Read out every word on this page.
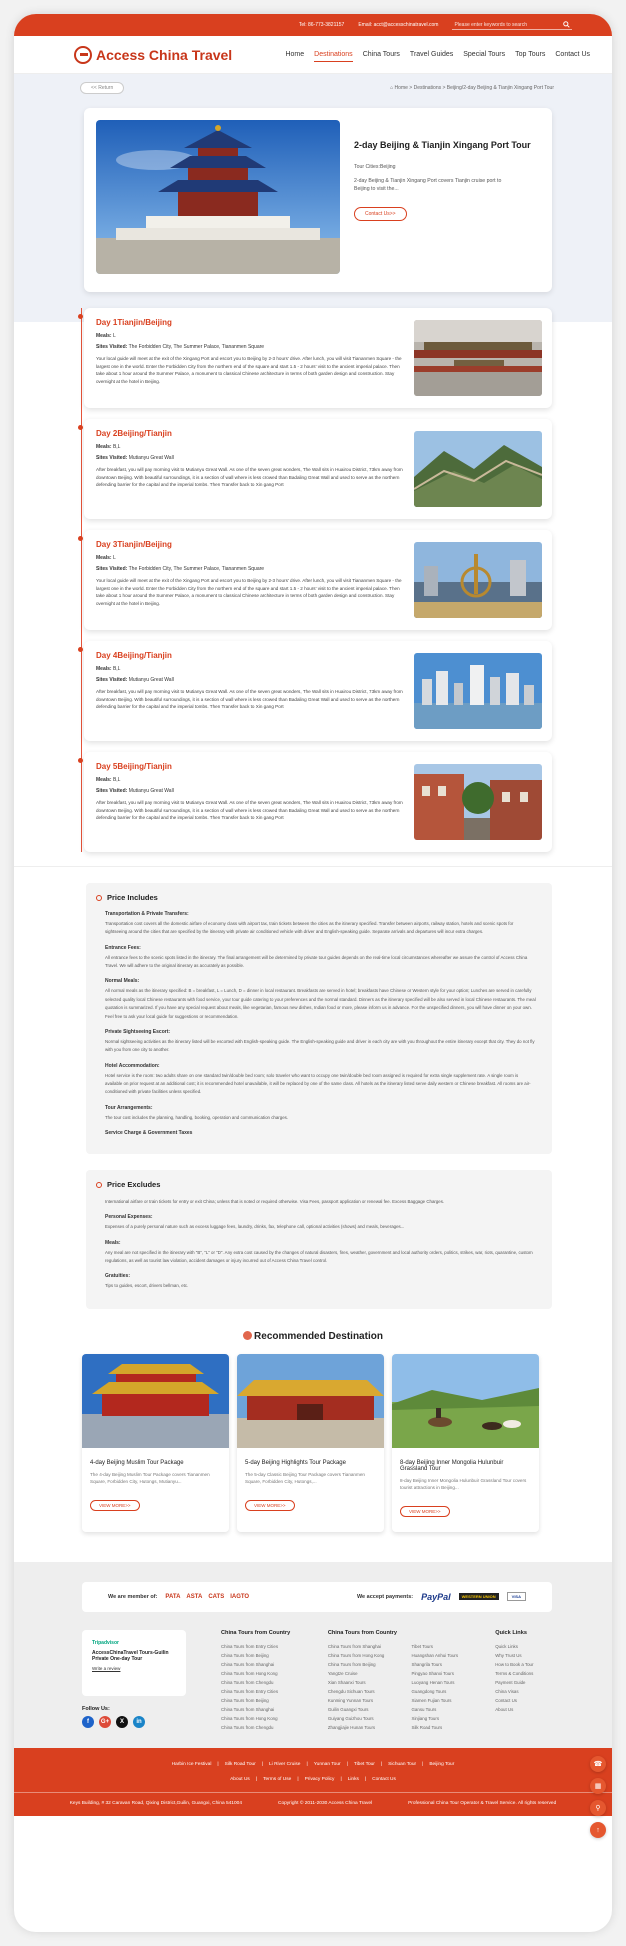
Tel: 86-773-3821157	Email: acct@accesschinatravel.com	Please enter keywords to search
Access China Travel	Home Destinations China Tours Travel Guides Special Tours Top Tours Contact Us
<< Return	⌂ Home > Destinations > Beijing/2-day Beijing & Tianjin Xingang Port Tour
2-day Beijing & Tianjin Xingang Port Tour

Tour Cities:Beijing

2-day Beijing & Tianjin Xingang Port covers Tianjin cruise port to Beijing to visit the...

Contact Us>>
Day 1Tianjin/Beijing
Meals: L
Sites Visited: The Forbidden City, The Summer Palace, Tiananmen Square
Your local guide will meet at the exit of the Xingang Port and escort you to Beijing by 2-3 hours' drive. After lunch, you will visit Tiananmen Square - the largest one in the world. Enter the Forbidden City from the northern end of the square and start 1.5 - 2 hours' visit to the ancient imperial palace. Then take about 1 hour around the Summer Palace, a monument to classical Chinese architecture in terms of both garden design and construction. Stay overnight at the hotel in Beijing.
Day 2Beijing/Tianjin
Meals: B,L
Sites Visited: Mutianyu Great Wall
After breakfast, you will pay morning visit to Mutianyu Great Wall. As one of the seven great wonders, The Wall sits in Huairou District, 73km away from downtown Beijing. With beautiful surroundings, it is a section of wall where is less crowed than Badaling Great Wall and used to serve as the northern defending barrier for the capital and the imperial tombs. Then Transfer back to Xin gang Port
Day 3Tianjin/Beijing
Meals: L
Sites Visited: The Forbidden City, The Summer Palace, Tiananmen Square
Your local guide will meet at the exit of the Xingang Port and escort you to Beijing by 2-3 hours' drive. After lunch, you will visit Tiananmen Square - the largest one in the world. Enter the Forbidden City from the northern end of the square and start 1.5 - 2 hours' visit to the ancient imperial palace. Then take about 1 hour around the Summer Palace, a monument to classical Chinese architecture in terms of both garden design and construction. Stay overnight at the hotel in Beijing.
Day 4Beijing/Tianjin
Meals: B,L
Sites Visited: Mutianyu Great Wall
After breakfast, you will pay morning visit to Mutianyu Great Wall. As one of the seven great wonders, The Wall sits in Huairou District, 73km away from downtown Beijing. With beautiful surroundings, it is a section of wall where is less crowed than Badaling Great Wall and used to serve as the northern defending barrier for the capital and the imperial tombs. Then Transfer back to Xin gang Port
Day 5Beijing/Tianjin
Meals: B,L
Sites Visited: Mutianyu Great Wall
After breakfast, you will pay morning visit to Mutianyu Great Wall. As one of the seven great wonders, The Wall sits in Huairou District, 73km away from downtown Beijing. With beautiful surroundings, it is a section of wall where is less crowed than Badaling Great Wall and used to serve as the northern defending barrier for the capital and the imperial tombs. Then Transfer back to Xin gang Port
Price Includes
Transportation & Private Transfers:

Transportation cost covers all the domestic airfare of economy class with airport tax, train tickets between the cities as the itinerary specified. Transfer between airports, railway station, hotels and scenic spots for sightseeing around the cities that are specified by the itinerary with private air conditioned vehicle with driver and English-speaking guide. Separate arrivals and departures will incur extra charges.

Entrance Fees:

All entrance fees to the scenic spots listed in the itinerary. The final arrangement will be determined by private tour guides depends on the real-time local circumstances whereafter we assure the control of Access China Travel. We will adhere to the original itinerary as accurately as possible.

Normal Meals:

All normal meals as the itinerary specified: B = breakfast, L = Lunch, D = dinner in local restaurant. Breakfasts are served in hotel; breakfasts have Chinese or Western style for your option; Lunches are served in carefully selected quality local Chinese restaurants with food service, your tour guide catering to your preferences and the normal standard. Dinners as the itinerary specified will be also served in local Chinese restaurants. The meal quotation is summarized. If you have any special request about meals, like vegetarian, famous new dishes, Indian food or more, please inform us in advance. For the unspecified dinners, you will have dinner on your own. Feel free to ask your local guide for suggestions or recommendation.

Private Sightseeing Escort:

Normal sightseeing activities as the itinerary listed will be escorted with English-speaking guide. The English-speaking guide and driver in each city are with you throughout the entire itinerary except that city. They do not fly with you from one city to another.

Hotel Accommodation:

Hotel service is the room: two adults share on one standard twin/double bed room; solo traveler who want to occupy one twin/double bed room assigned is required for extra single supplement rate. A single room is available on prior request at an additional cost; it is recommended hotel unavailable, it will be replaced by one of the same class. All hotels as the itinerary listed serve daily western or Chinese breakfast. All rooms are air-conditioned with private facilities unless specified.

Tour Arrangements:

The tour cost includes the planning, handling, booking, operation and communication charges.

Service Charge & Government Taxes
Price Excludes

International airfare or train tickets for entry or exit China; unless that is noted or required otherwise. Visa Fees, passport application or renewal fee. Excess Baggage Charges.

Personal Expenses:

Expenses of a purely personal nature such as excess luggage fees, laundry, drinks, fax, telephone call, optional activities (shows) and meals, beverages...

Meals:

Any meal are not specified in the itinerary with "B", "L" or "D". Any extra cost caused by the changes of natural disasters, fires, weather, government and local authority orders, politics, strikes, war, riots, quarantine, custom regulations, as well as tourist law violation, accident damages or injury incurred out of Access China Travel control.

Gratuities:

Tips to guides, escort, drivers bellman, etc.

Recommended Destination
4-day Beijing Muslim Tour Package

The 4-day Beijing Muslim Tour Package covers Tiananmen Square, Forbidden City, Hutongs, Mutianyu...

VIEW MORE>>
5-day Beijing Highlights Tour Package

The 5-day Classic Beijing Tour Package covers Tiananmen Square, Forbidden City, Hutongs,...

VIEW MORE>>
8-day Beijing Inner Mongolia Hulunbuir Grassland Tour

8-day Beijing Inner Mongolia Hulunbuir Grassland Tour covers tourist attractions in Beijing...

VIEW MORE>>
We are member of: PATA ASTA CATS IAGTO	We accept payments: PayPal	WESTERN UNION	VISA
Tripadvisor
AccessChinaTravel Tours-Guilin Private One-day Tour
Write a review
Follow Us:
f	G+	X	in
China Tours from Country
China Tours from Entry Cities
China Tours from Beijing
China Tours from Shanghai
China Tours from Hong Kong
China Tours from Chengdu
China Tours from Entry Cities
China Tours from Beijing
China Tours from Shanghai
China Tours from Hong Kong
China Tours from Chengdu
China Tours from Country
China Tours from Shanghai	Tibet Tours
China Tours from Hong Kong	Huangshan Anhui Tours
China Tours from Beijing	Shangrila Tours
Yangtze Cruise	Pingyao Shanxi Tours
Xian Shaanxi Tours	Luoyang Henan Tours
Chengdu Sichuan Tours	Guangdong Tours
Kunming Yunnan Tours	Xiamen Fujian Tours
Guilin Guangxi Tours	Gansu Tours
Guiyang Guizhou Tours	Xinjiang Tours
Zhangjiajie Hunan Tours	Silk Road Tours
Quick Links
Quick Links
Why Trust Us
How to Book a Tour
Terms & Conditions
Payment Guide
China Visas
Contact Us
About Us
Harbin Ice Festival | Silk Road Tour | Li River Cruise | Yunnan Tour | Tibet Tour | Sichuan Tour | Beijing Tour
About Us | Terms of Use | Privacy Policy | Links | Contact Us
Keys Building, # 32 Caravan Road, Qixing District,Guilin, Guangxi, China 541004	Copyright © 2011-2030 Access China Travel	Professional China Tour Operator & Travel Service. All rights reserved
☎
▦
⚲
↑
